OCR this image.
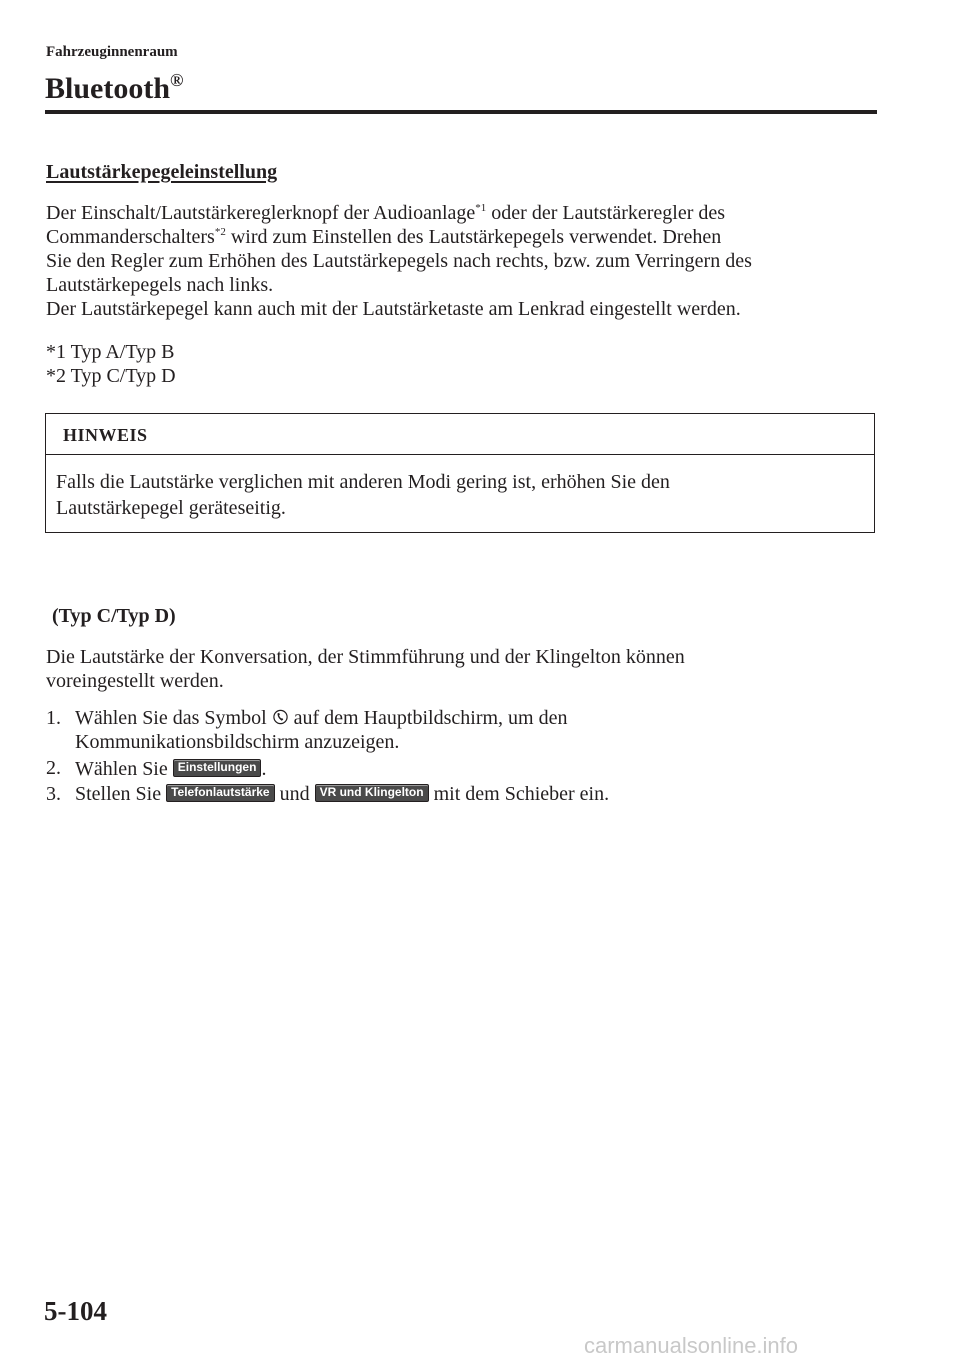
Fahrzeuginnenraum
Bluetooth®
Lautstärkepegeleinstellung
Der Einschalt/Lautstärkereglerknopf der Audioanlage$^{*1}$ oder der Lautstärkeregler des
Commanderschalters$^{*2}$ wird zum Einstellen des Lautstärkepegels verwendet. Drehen
Sie den Regler zum Erhöhen des Lautstärkepegels nach rechts, bzw. zum Verringern des
Lautstärkepegels nach links.
Der Lautstärkepegel kann auch mit der Lautstärketaste am Lenkrad eingestellt werden.
*1 Typ A/Typ B
*2 Typ C/Typ D
HINWEIS
Falls die Lautstärke verglichen mit anderen Modi gering ist, erhöhen Sie den
Lautstärkepegel geräteseitig.
(Typ C/Typ D)
Die Lautstärke der Konversation, der Stimmführung und der Klingelton können
voreingestellt werden.
1. Wählen Sie das Symbol auf dem Hauptbildschirm, um den
Kommunikationsbildschirm anzuzeigen.
2. Wählen Sie Einstellungen .
3. Stellen Sie Telefonlautstärke und VR und Klingelton mit dem Schieber ein.
5-104
carmanualsonline.info
